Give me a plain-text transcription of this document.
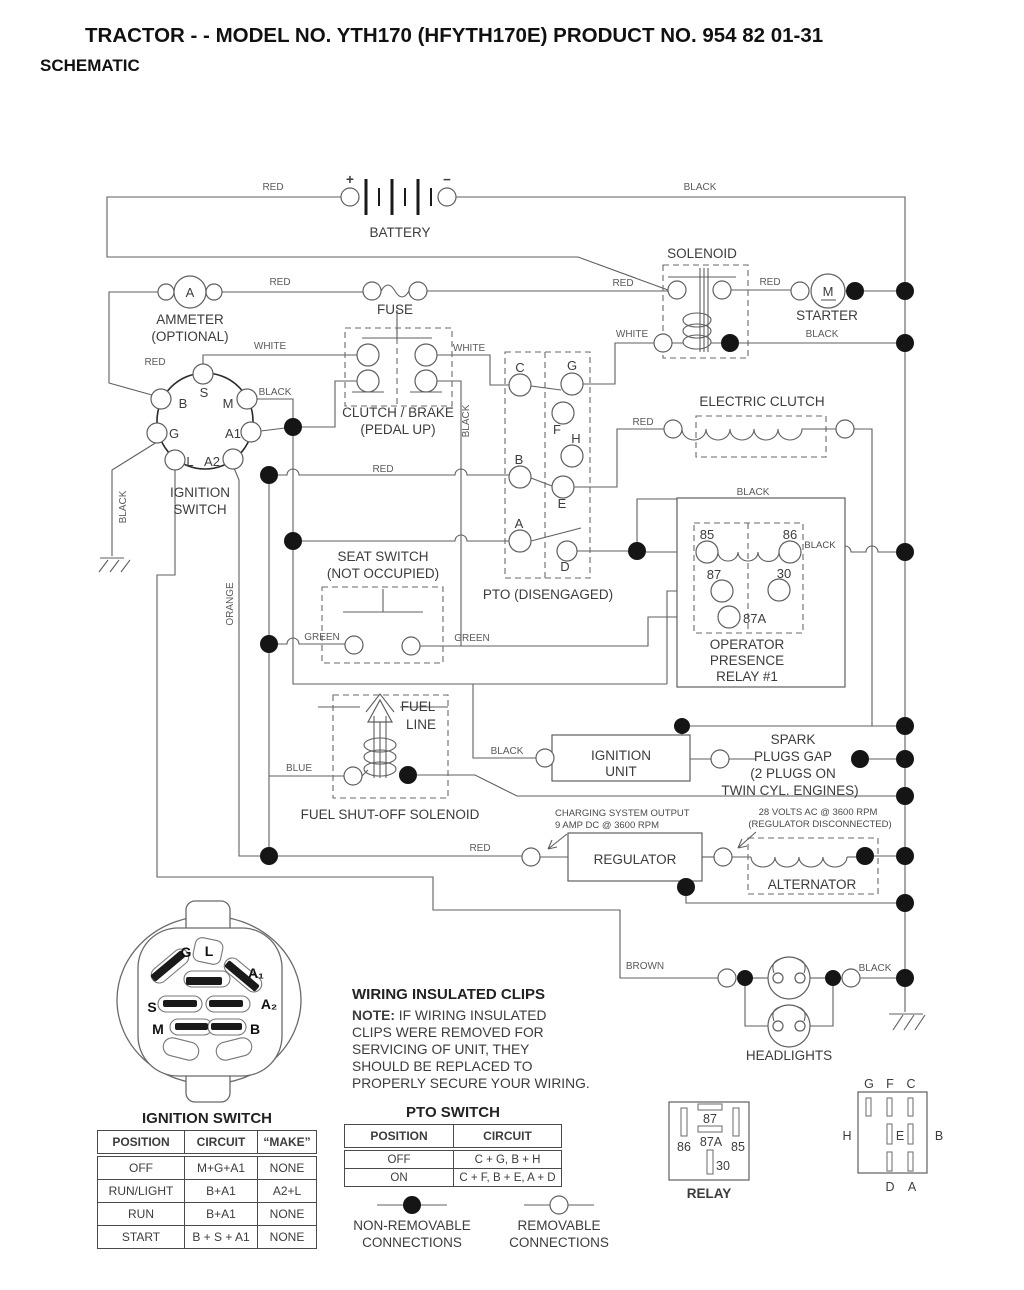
TRACTOR - - MODEL NO. YTH170 (HFYTH170E) PRODUCT NO. 954 82 01-31
SCHEMATIC
RED	BLACK
+	−
BATTERY
A
AMMETER
(OPTIONAL)
RED
FUSE
RED
SOLENOID
RED
M
STARTER
BLACK
WHITE	WHITE
WHITE
RED
BLACK
CLUTCH / BRAKE
(PEDAL UP)	BLACK
BLACK
ORANGE
RED
S
B	M
G	A1
L A2
IGNITION
SWITCH
C	G
F
H
B
E
A
D
PTO (DISENGAGED)
ELECTRIC CLUTCH
RED
BLACK
85	86
87	30
87A
BLACK
OPERATOR
PRESENCE
RELAY #1
SEAT SWITCH
(NOT OCCUPIED)
GREEN	GREEN
BLUE
FUEL
LINE
FUEL SHUT-OFF SOLENOID
BLACK	IGNITION
UNIT
SPARK
PLUGS GAP
(2 PLUGS ON
TWIN CYL. ENGINES)
CHARGING SYSTEM OUTPUT
9 AMP DC @ 3600 RPM
28 VOLTS AC @ 3600 RPM
(REGULATOR DISCONNECTED)
RED
REGULATOR
ALTERNATOR
BROWN	BLACK
HEADLIGHTS
G L
A₁
A₂
S
M	B
NON-REMOVABLE
CONNECTIONS
REMOVABLE
CONNECTIONS
87
87A
86	85
30
RELAY
G F C
H	E B
D A
WIRING INSULATED CLIPS
NOTE: IF WIRING INSULATED
CLIPS WERE REMOVED FOR
SERVICING OF UNIT, THEY
SHOULD BE REPLACED TO
PROPERLY SECURE YOUR WIRING.
IGNITION SWITCH
POSITION	CIRCUIT	“MAKE”
OFF	M+G+A1	NONE
RUN/LIGHT	B+A1	A2+L
RUN	B+A1	NONE
START	B + S + A1	NONE
PTO SWITCH
POSITION	CIRCUIT
OFF	C + G, B + H
ON	C + F, B + E, A + D
